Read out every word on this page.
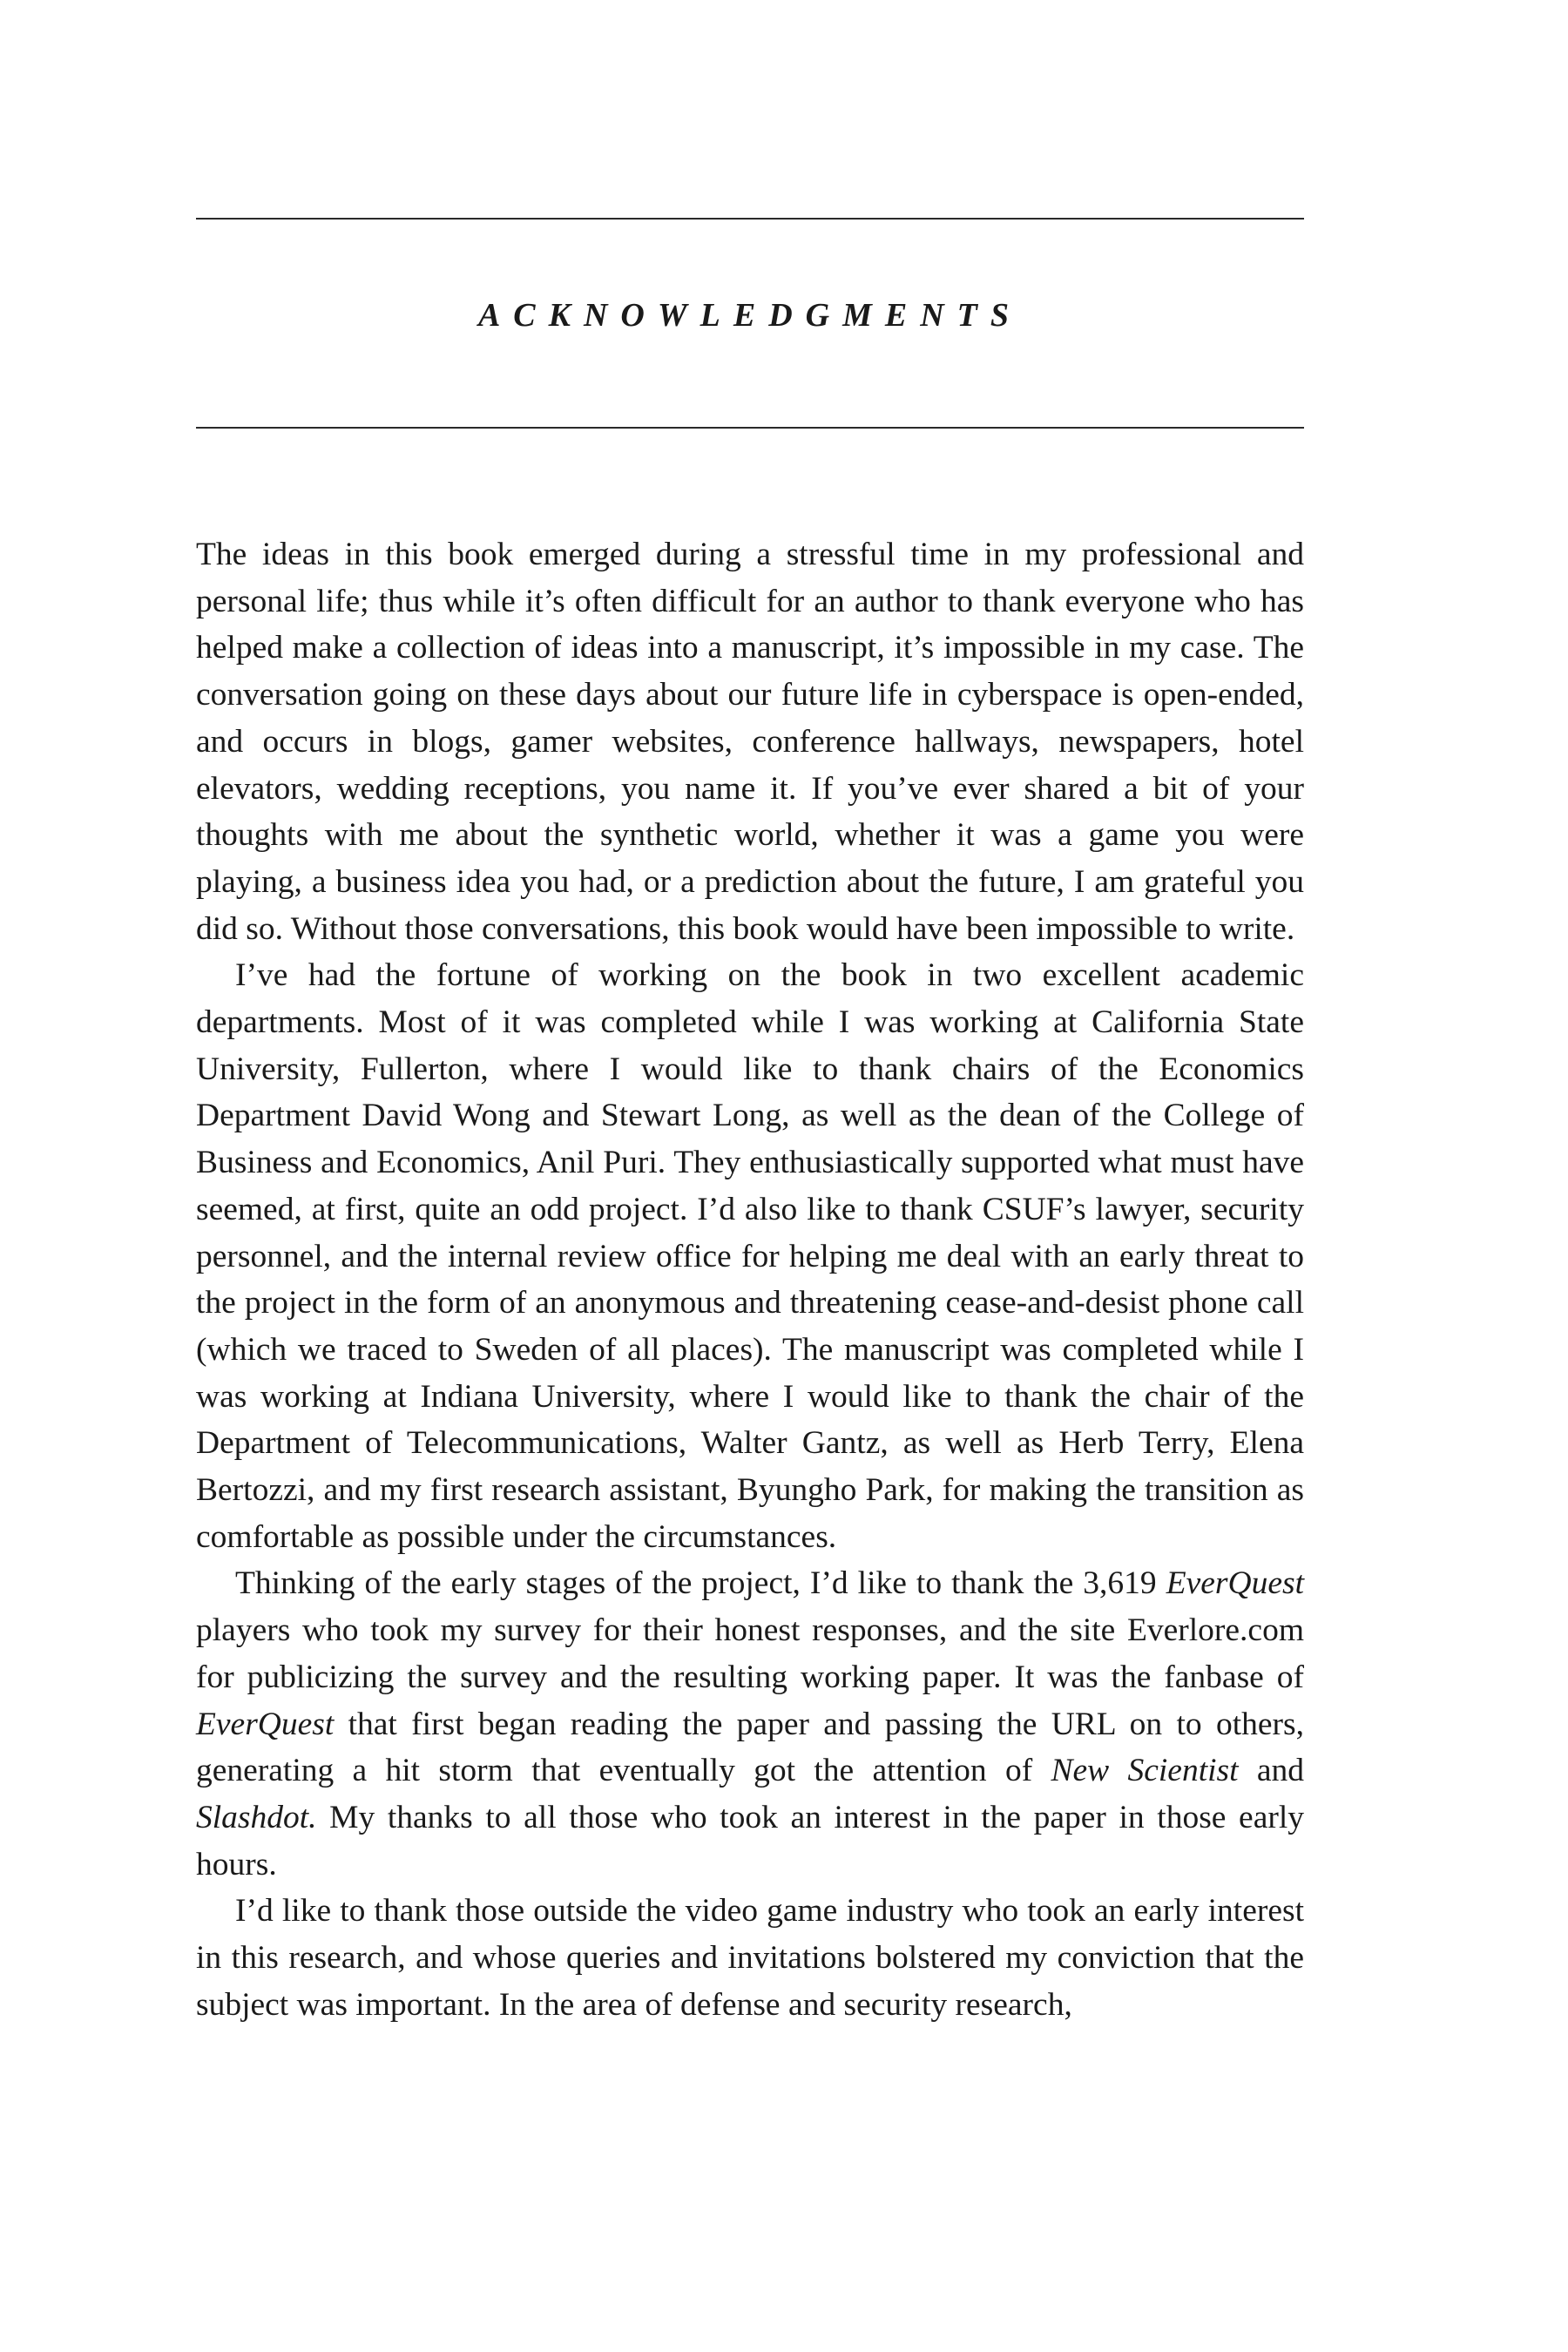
ACKNOWLEDGMENTS

The ideas in this book emerged during a stressful time in my professional and personal life; thus while it’s often difficult for an author to thank everyone who has helped make a collection of ideas into a manuscript, it’s impossible in my case. The conversation going on these days about our future life in cyberspace is open-ended, and occurs in blogs, gamer websites, conference hallways, newspapers, hotel elevators, wedding receptions, you name it. If you’ve ever shared a bit of your thoughts with me about the synthetic world, whether it was a game you were playing, a business idea you had, or a prediction about the future, I am grateful you did so. Without those conversations, this book would have been impossible to write.

I’ve had the fortune of working on the book in two excellent academic departments. Most of it was completed while I was working at California State University, Fullerton, where I would like to thank chairs of the Economics Department David Wong and Stewart Long, as well as the dean of the College of Business and Economics, Anil Puri. They enthusiastically supported what must have seemed, at first, quite an odd project. I’d also like to thank CSUF’s lawyer, security personnel, and the internal review office for helping me deal with an early threat to the project in the form of an anonymous and threatening cease-and-desist phone call (which we traced to Sweden of all places). The manuscript was completed while I was working at Indiana University, where I would like to thank the chair of the Department of Telecommunications, Walter Gantz, as well as Herb Terry, Elena Bertozzi, and my first research assistant, Byungho Park, for making the transition as comfortable as possible under the circumstances.

Thinking of the early stages of the project, I’d like to thank the 3,619 EverQuest players who took my survey for their honest responses, and the site Everlore.com for publicizing the survey and the resulting working paper. It was the fanbase of EverQuest that first began reading the paper and passing the URL on to others, generating a hit storm that eventually got the attention of New Scientist and Slashdot. My thanks to all those who took an interest in the paper in those early hours.

I’d like to thank those outside the video game industry who took an early interest in this research, and whose queries and invitations bolstered my conviction that the subject was important. In the area of defense and security research,
